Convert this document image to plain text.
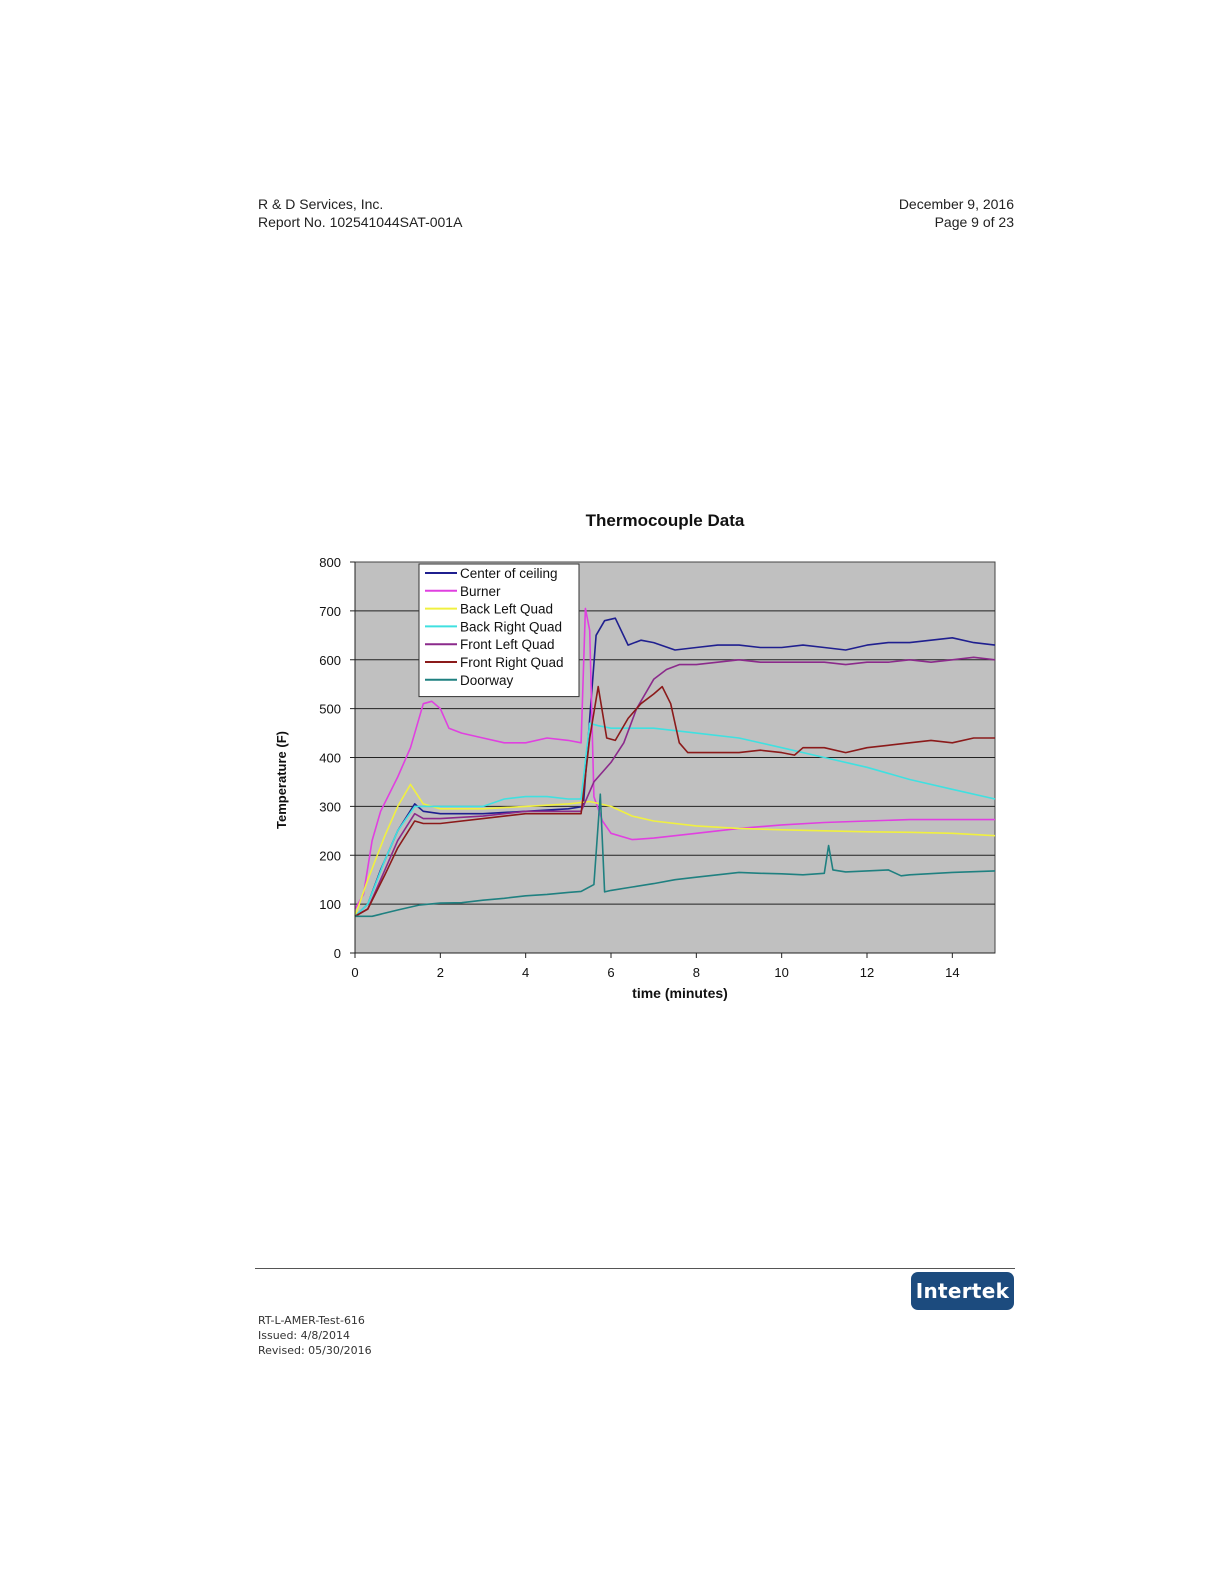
R & D Services, Inc.
Report No. 102541044SAT-001A
December 9, 2016
Page 9 of 23
Thermocouple Data
0
100
200
300
400
500
600
700
800
0	2	4	6	8	10	12	14
time (minutes)
Temperature (F)
Center of ceiling
Burner
Back Left Quad
Back Right Quad
Front Left Quad
Front Right Quad
Doorway
RT-L-AMER-Test-616
Issued: 4/8/2014
Revised: 05/30/2016
Intertek
